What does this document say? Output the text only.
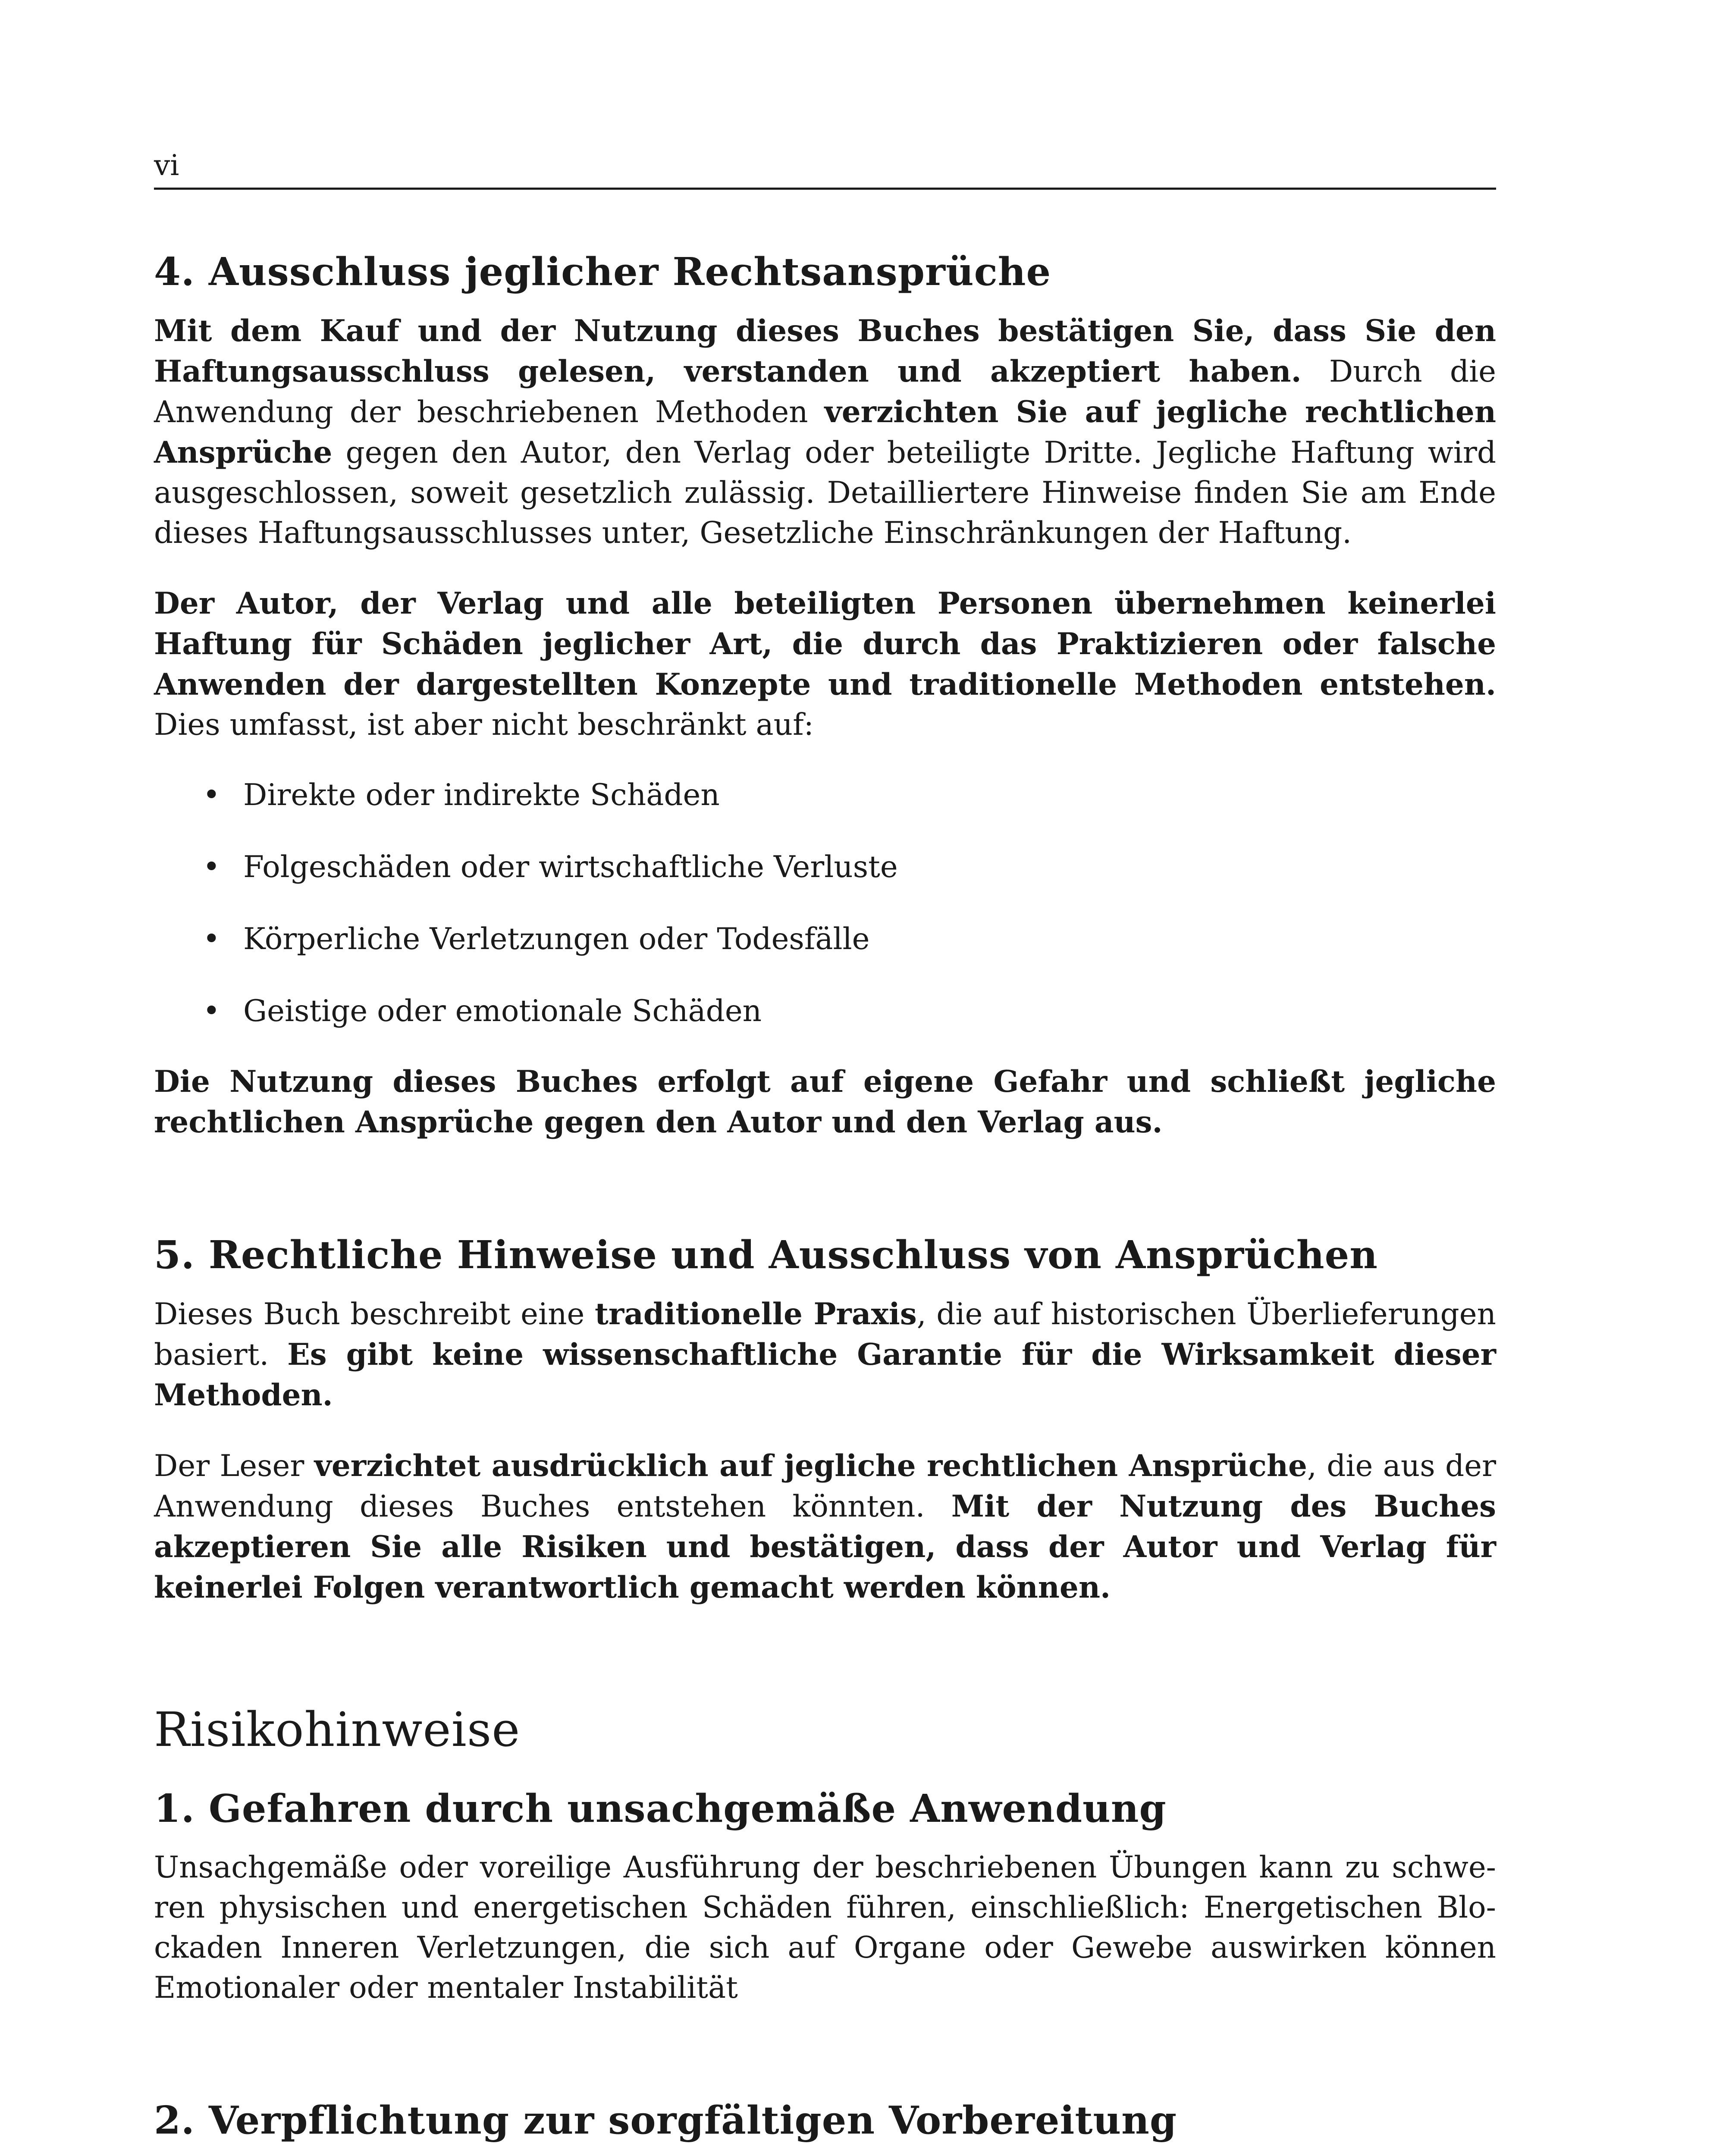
vi
4. Ausschluss jeglicher Rechtsansprüche

Mit dem Kauf und der Nutzung dieses Buches bestätigen Sie, dass Sie den Haftungsausschluss gelesen, verstanden und akzeptiert haben. Durch die Anwendung der beschriebenen Methoden verzichten Sie auf jegliche rechtlichen Ansprüche gegen den Autor, den Verlag oder beteiligte Dritte. Jegliche Haftung wird ausgeschlossen, soweit gesetzlich zulässig. Detailliertere Hinweise finden Sie am Ende dieses Haftungsausschlusses unter, Gesetzliche Einschränkungen der Haftung.

Der Autor, der Verlag und alle beteiligten Personen übernehmen keinerlei Haftung für Schäden jeglicher Art, die durch das Praktizieren oder falsche Anwenden der dargestellten Konzepte und traditionelle Methoden entstehen. Dies umfasst, ist aber nicht beschränkt auf:

• Direkte oder indirekte Schäden
• Folgeschäden oder wirtschaftliche Verluste
• Körperliche Verletzungen oder Todesfälle
• Geistige oder emotionale Schäden

Die Nutzung dieses Buches erfolgt auf eigene Gefahr und schließt jegliche rechtlichen Ansprüche gegen den Autor und den Verlag aus.

5. Rechtliche Hinweise und Ausschluss von Ansprüchen

Dieses Buch beschreibt eine traditionelle Praxis, die auf historischen Überlieferungen basiert. Es gibt keine wissenschaftliche Garantie für die Wirksamkeit dieser Methoden.

Der Leser verzichtet ausdrücklich auf jegliche rechtlichen Ansprüche, die aus der Anwendung dieses Buches entstehen könnten. Mit der Nutzung des Buches akzeptieren Sie alle Risiken und bestätigen, dass der Autor und Verlag für keinerlei Folgen verantwortlich gemacht werden können.

Risikohinweise
1. Gefahren durch unsachgemäße Anwendung

Unsachgemäße oder voreilige Ausführung der beschriebenen Übungen kann zu schweren physischen und energetischen Schäden führen, einschließlich: Energetischen Blockaden Inneren Verletzungen, die sich auf Organe oder Gewebe auswirken können Emotionaler oder mentaler Instabilität

2. Verpflichtung zur sorgfältigen Vorbereitung
